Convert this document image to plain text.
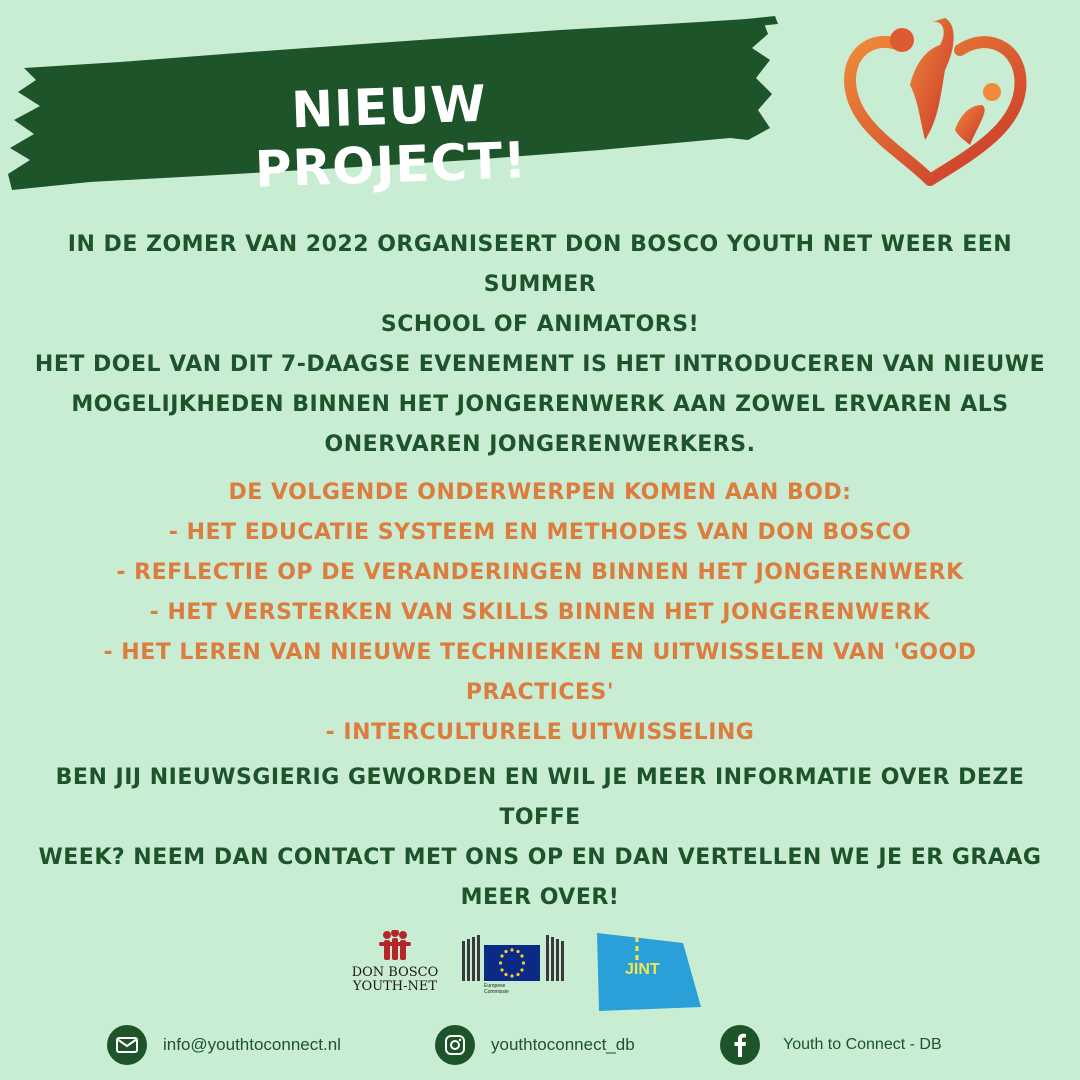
NIEUW PROJECT!
IN DE ZOMER VAN 2022 ORGANISEERT DON BOSCO YOUTH NET WEER EEN SUMMER
SCHOOL OF ANIMATORS!
HET DOEL VAN DIT 7-DAAGSE EVENEMENT IS HET INTRODUCEREN VAN NIEUWE
MOGELIJKHEDEN BINNEN HET JONGERENWERK AAN ZOWEL ERVAREN ALS
ONERVAREN JONGERENWERKERS.
DE VOLGENDE ONDERWERPEN KOMEN AAN BOD:
- HET EDUCATIE SYSTEEM EN METHODES VAN DON BOSCO
- REFLECTIE OP DE VERANDERINGEN BINNEN HET JONGERENWERK
- HET VERSTERKEN VAN SKILLS BINNEN HET JONGERENWERK
- HET LEREN VAN NIEUWE TECHNIEKEN EN UITWISSELEN VAN 'GOOD PRACTICES'
- INTERCULTURELE UITWISSELING
BEN JIJ NIEUWSGIERIG GEWORDEN EN WIL JE MEER INFORMATIE OVER DEZE TOFFE
WEEK? NEEM DAN CONTACT MET ONS OP EN DAN VERTELLEN WE JE ER GRAAG
MEER OVER!
DON BOSCO
YOUTH-NET	Europese
Commissie
JINT
info@youthtoconnect.nl	youthtoconnect_db	Youth to Connect - DB
